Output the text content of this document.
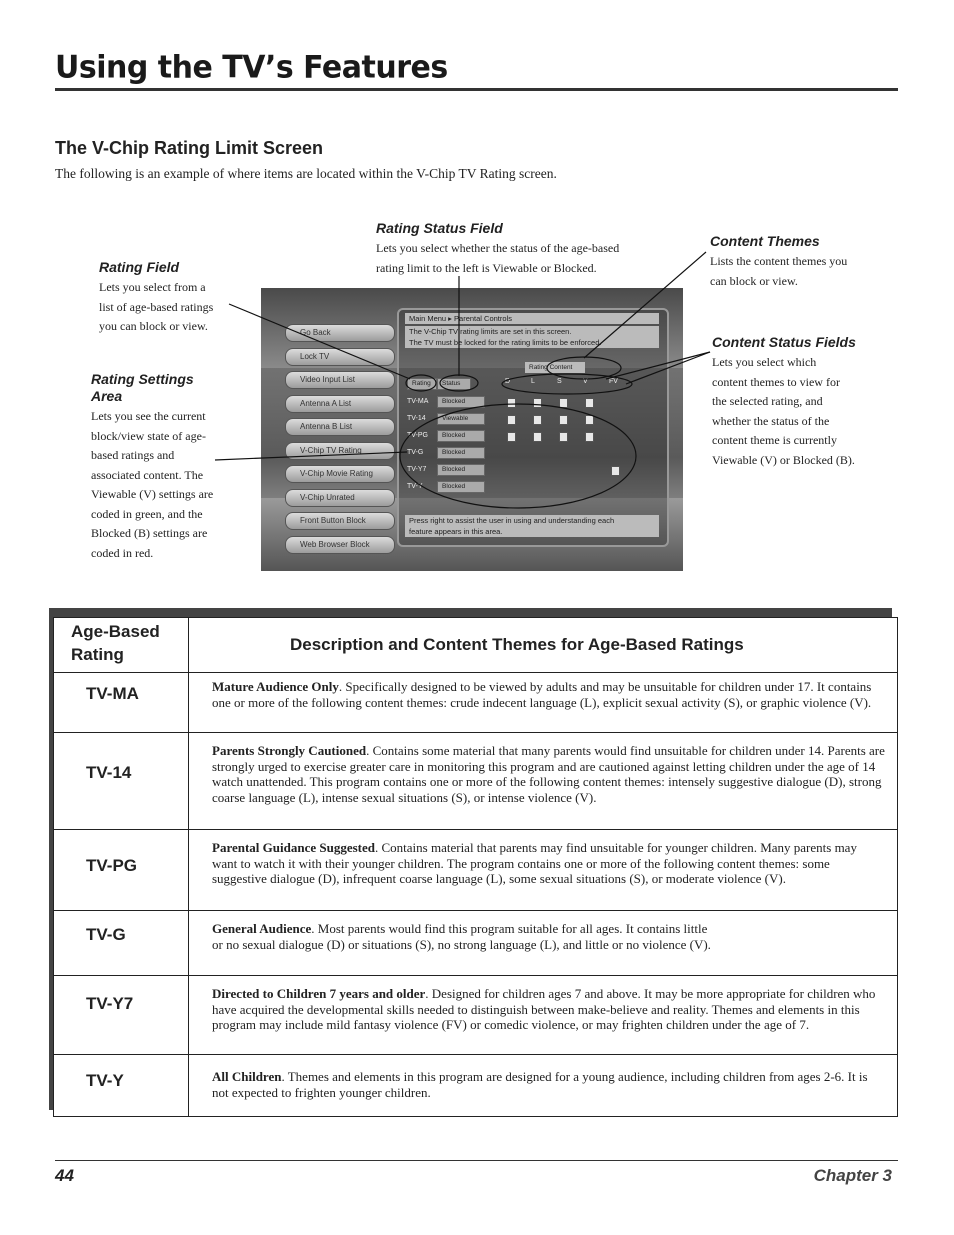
Using the TV’s Features
The V-Chip Rating Limit Screen
The following is an example of where items are located within the V-Chip TV Rating screen.
Rating Status Field
Lets you select whether the status of the age-based
rating limit to the left is Viewable or Blocked.
Content Themes
Lists the content themes you
can block or view.
Rating Field
Lets you select from a
list of age-based ratings
you can block or view.
Content Status Fields
Lets you select which
content themes to view for
the selected rating, and
whether the status of the
content theme is currently
Viewable (V) or Blocked (B).
Rating Settings
Area
Lets you see the current
block/view state of age-
based ratings and
associated content. The
Viewable (V) settings are
coded in green, and the
Blocked (B) settings are
coded in red.
Go Back
Lock TV
Video Input List
Antenna A List
Antenna B List
V-Chip TV Rating
V-Chip Movie Rating
V-Chip Unrated
Front Button Block
Web Browser Block
Main Menu ▸ Parental Controls
The V-Chip TV rating limits are set in this screen.
The TV must be locked for the rating limits to be enforced.
Rating Content
Rating	Status	D	L	S	V	FV
TV-MA	Blocked
TV-14	Viewable
TV-PG	Blocked
TV-G	Blocked
TV-Y7	Blocked
TV-Y	Blocked
Press right to assist the user in using and understanding each
feature appears in this area.
Age-Based Rating	Description and Content Themes for Age-Based Ratings
TV-MA	Mature Audience Only. Specifically designed to be viewed by adults and may be unsuitable for children under 17. It contains one or more of the following content themes: crude indecent language (L), explicit sexual activity (S), or graphic violence (V).
TV-14	Parents Strongly Cautioned. Contains some material that many parents would find unsuitable for children under 14. Parents are strongly urged to exercise greater care in monitoring this program and are cautioned against letting children under the age of 14 watch unattended. This program contains one or more of the following content themes: intensely suggestive dialogue (D), strong coarse language (L), intense sexual situations (S), or intense violence (V).
TV-PG	Parental Guidance Suggested. Contains material that parents may find unsuitable for younger children. Many parents may want to watch it with their younger children. The program contains one or more of the following content themes: some suggestive dialogue (D), infrequent coarse language (L), some sexual situations (S), or moderate violence (V).
TV-G	General Audience. Most parents would find this program suitable for all ages. It contains little or no sexual dialogue (D) or situations (S), no strong language (L), and little or no violence (V).
TV-Y7	Directed to Children 7 years and older. Designed for children ages 7 and above. It may be more appropriate for children who have acquired the developmental skills needed to distinguish between make-believe and reality. Themes and elements in this program may include mild fantasy violence (FV) or comedic violence, or may frighten children under the age of 7.
TV-Y	All Children. Themes and elements in this program are designed for a young audience, including children from ages 2-6. It is not expected to frighten younger children.
44	Chapter 3
